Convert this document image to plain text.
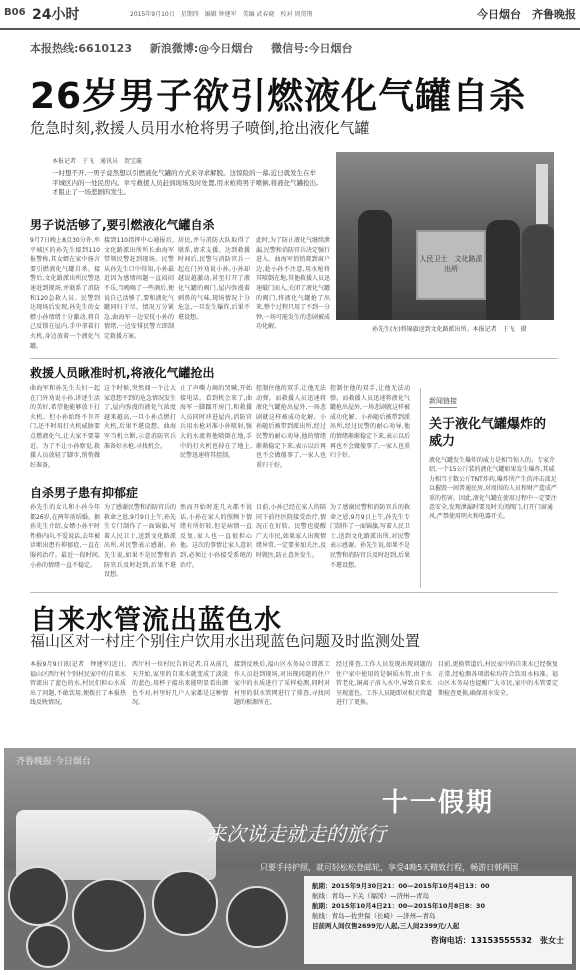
B06 24小时	2015年9月10日　星期四　编辑 钟建军　美编 武春晓　校对 周贯荆	今日烟台　齐鲁晚报
本报热线:6610123 新浪微博:@今日烟台 微信号:今日烟台
26岁男子欲引燃液化气罐自杀
危急时刻,救援人员用水枪将男子喷倒,抢出液化气罐
本报记者　于飞　通讯员　贺宝璇
一时想不开,一男子竟然想以引燃液化气罐的方式来寻求解脱。这惊险的一幕,近日就发生在牟平城区内的一处民房内。幸亏救援人员赶到现场及时处置,用水枪将男子喷倒,将液化气罐抢出,才阻止了一场悲剧的发生。
人民卫士　文化路派出所
孙先生(左)将锦旗送到文化路派出所。本报记者　于飞　摄
男子说活够了,要引燃液化气罐自杀
9月7日晚上8点30分许,牟平城区的孙先生接到110报警称,其女婿在家中扬言要引燃液化气罐自杀。接警后,文化路派出所民警迅速赶到现场,并联系了消防和120急救人员。民警到达现场后发现,孙先生的女婿小孙情绪十分激动,将自己反锁在屋内,手中拿着打火机,身边放着一个液化气罐。
接到110指挥中心通报后,文化路派出所所长曲海军带领民警赶到现场。民警从孙先生口中得知,小孙最近因为感情问题一直闷闷不乐,当晚喝了一些酒后,便说自己活够了,要和液化气罐同归于尽。情况万分紧急,曲海军一边安抚小孙的情绪,一边安排民警立即制定救援方案。
居民,并与消防大队取得了联系,请求支援。达到救援时间后,民警与消防官兵一起在门外劝说小孙,小孙却越说越激动,甚至打开了液化气罐的阀门,屋内弥漫着刺鼻的气味,现场情况十分危急,一旦发生爆炸,后果不堪设想。
此时,为了防止液化气继续泄漏,民警和消防官兵决定强行进入。曲海军悄悄爬到窗户边,趁小孙不注意,用水枪将其喷倒在地,其他救援人员迅速破门而入,关闭了液化气罐的阀门,将液化气罐抢了出来,整个过程只用了不到一分钟,一场可能发生的悲剧被成功化解。
救援人员瞅准时机,将液化气罐抢出
曲海军和孙先生夫妇一起在门外劝说小孙,讲述生活的美好,希望他能够放下打火机。但小孙始终不肯开门,还不时用打火机威胁要点燃液化气,让大家不要靠近。为了不让小孙察觉,救援人员放轻了脚步,悄悄做好准备。
这个时候,突然闻一个让大家意想不到的危急情况发生了,屋内弥漫的液化气浓度越来越高,一旦小孙点燃打火机,后果不堪设想。曲海军当机立断,示意消防官兵准备好水枪,寻找机会。
止了声嘶力竭的哭喊,开始接电话。看到机会来了,曲海军一脚踹开房门,和救援人员同时冲进屋内,消防官兵用水枪对准小孙喷射,强大的水流将他喷倒在地,手中的打火机也掉在了地上,民警迅速将其控制。
控制住他的双手,让他无法动弹。而救援人员迅速将液化气罐抢出屋外,一场悲剧就这样被成功化解。小孙随后被带到派出所,经过民警的耐心劝导,他的情绪渐渐稳定下来,表示以后再也不会做傻事了,一家人也重归于好。
控制住他的双手,让他无法动弹。而救援人员迅速将液化气罐抢出屋外,一场悲剧就这样被成功化解。小孙随后被带到派出所,经过民警的耐心劝导,他的情绪渐渐稳定下来,表示以后再也不会做傻事了,一家人也重归于好。
自杀男子患有抑郁症
孙先生的女儿和小孙今年都26岁,在两年前结婚。据孙先生介绍,女婿小孙平时性格内向,不爱说话,去年被诊断出患有抑郁症,一直在服药治疗。最近一段时间,小孙的情绪一直不稳定。
为了感谢民警和消防官兵的救命之恩,9月9日上午,孙先生专门制作了一面锦旗,写着人民卫士,送到文化路派出所,对民警表示感谢。孙先生说,如果不是民警和消防官兵及时赶到,后果不堪设想。
然而开始时连几天都不说话,小孙在家人的照顾下情绪有所好转,但是病情一直反复,家人也一直很担心他。这次的事情让家人意识到,必须让小孙接受系统的治疗。
目前,小孙已经在家人的陪同下前往医院接受治疗,情况正在好转。民警也提醒广大市民,如果家人出现情绪异常,一定要多加关注,及时就医,防止意外发生。
为了感谢民警和消防官兵的救命之恩,9月9日上午,孙先生专门制作了一面锦旗,写着人民卫士,送到文化路派出所,对民警表示感谢。孙先生说,如果不是民警和消防官兵及时赶到,后果不堪设想。
新闻链接
关于液化气罐爆炸的威力
液化气罐发生爆炸的威力是相当惊人的。专家介绍,一个15公斤装的液化气罐如果发生爆炸,其威力相当于数公斤TNT炸药,爆炸所产生的冲击波足以摧毁一间普通民房,对周围的人员和财产造成严重的伤害。因此,液化气罐在使用过程中一定要注意安全,发现泄漏时要及时关闭阀门,打开门窗通风,严禁使用明火和电器开关。
自来水管流出蓝色水
福山区对一村庄个别住户饮用水出现蓝色问题及时监测处置
本报9月9日讯(记者　钟建军)近日,福山区西厅村个别村民家中的自来水管流出了蓝色的水,村民们担心水质出了问题,不敢饮用,便拨打了本报热线反映情况。
西厅村一位村民告诉记者,自从前几天开始,家里的自来水就变成了淡淡的蓝色,用杯子接出来能明显看出颜色不对,村里好几户人家都是这种情况。
接到反映后,福山区水务局立即派工作人员赶到现场,对出现问题的住户家中的水质进行了采样检测,同时对村里的供水管网进行了排查,寻找问题的根源所在。
经过排查,工作人员发现出现问题的住户家中使用的是铜质水管,由于水管老化,铜离子溶入水中,导致自来水呈现蓝色。工作人员随即对相关管道进行了更换。
目前,更换管道后,村民家中的自来水已经恢复正常,经检测各项指标均符合饮用水标准。福山区水务局也提醒广大市民,家中的水管要定期检查更换,确保用水安全。
齐鲁晚报·今日烟台
十一假期
来次说走就走的旅行
只要手持护照，就可轻松松登邮轮，享受4晚5天精致行程，畅游日韩两国
航期：2015年9月30日21：00—2015年10月4日13：00
航线：青岛—下关（福冈）—济州—青岛
航期：2015年10月4日21：00—2015年10月8日8：30
航线：青岛—佐世保（长崎）—济州—青岛
目前两人间仅售2699元/人起,三人间2399元/人起
咨询电话：13153555532　张女士
